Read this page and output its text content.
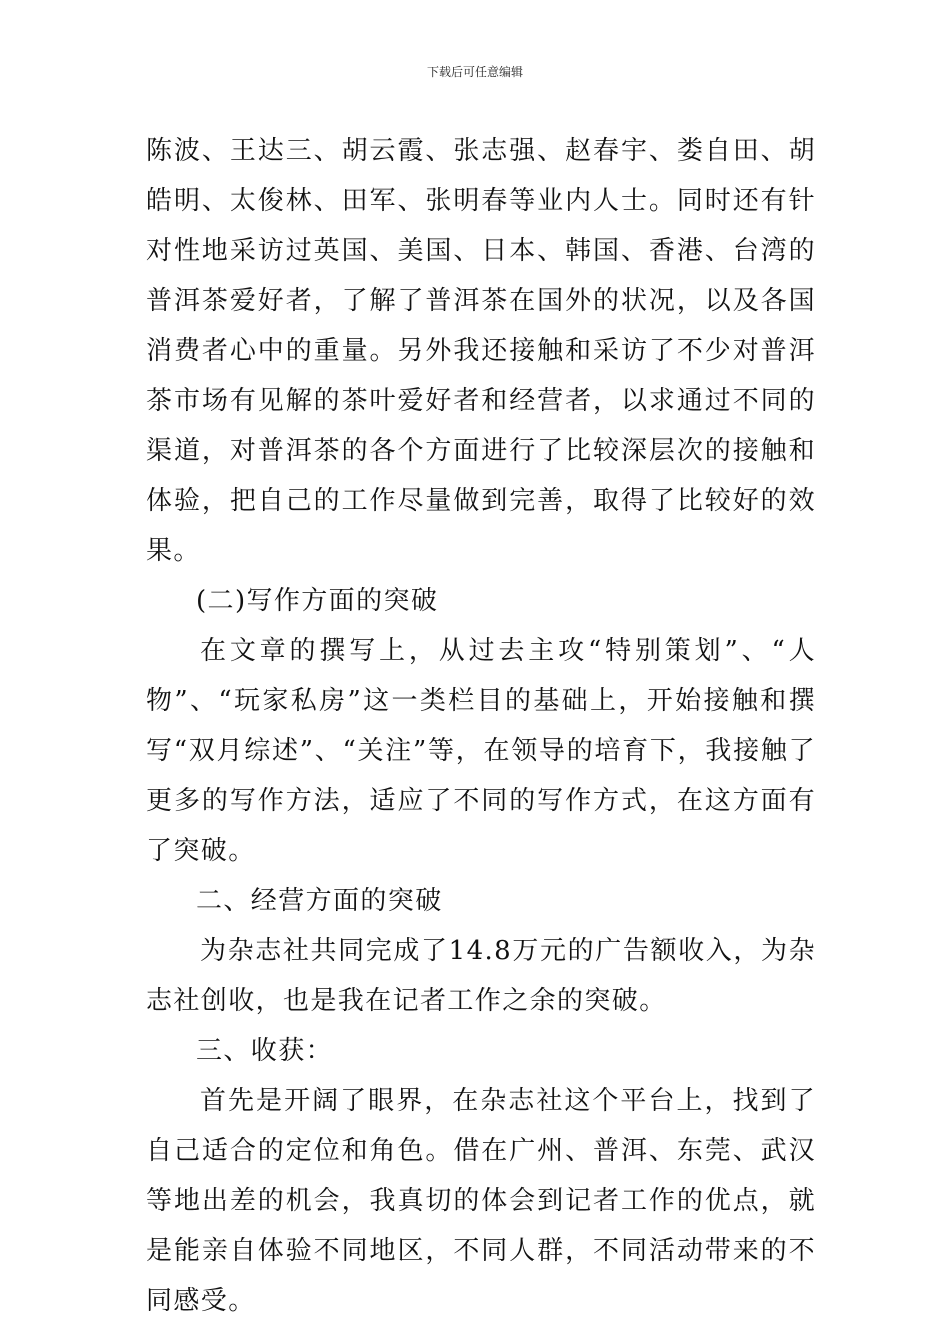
下载后可任意编辑

陈波、王达三、胡云霞、张志强、赵春宇、娄自田、胡皓明、太俊林、田军、张明春等业内人士。同时还有针对性地采访过英国、美国、日本、韩国、香港、台湾的普洱茶爱好者，了解了普洱茶在国外的状况，以及各国消费者心中的重量。另外我还接触和采访了不少对普洱茶市场有见解的茶叶爱好者和经营者，以求通过不同的渠道，对普洱茶的各个方面进行了比较深层次的接触和体验，把自己的工作尽量做到完善，取得了比较好的效果。

(二)写作方面的突破

在文章的撰写上，从过去主攻“特别策划”、“人物”、“玩家私房”这一类栏目的基础上，开始接触和撰写“双月综述”、“关注”等，在领导的培育下，我接触了更多的写作方法，适应了不同的写作方式，在这方面有了突破。

二、经营方面的突破

为杂志社共同完成了14.8万元的广告额收入，为杂志社创收，也是我在记者工作之余的突破。

三、收获：

首先是开阔了眼界，在杂志社这个平台上，找到了自己适合的定位和角色。借在广州、普洱、东莞、武汉等地出差的机会，我真切的体会到记者工作的优点，就是能亲自体验不同地区，不同人群，不同活动带来的不同感受。
